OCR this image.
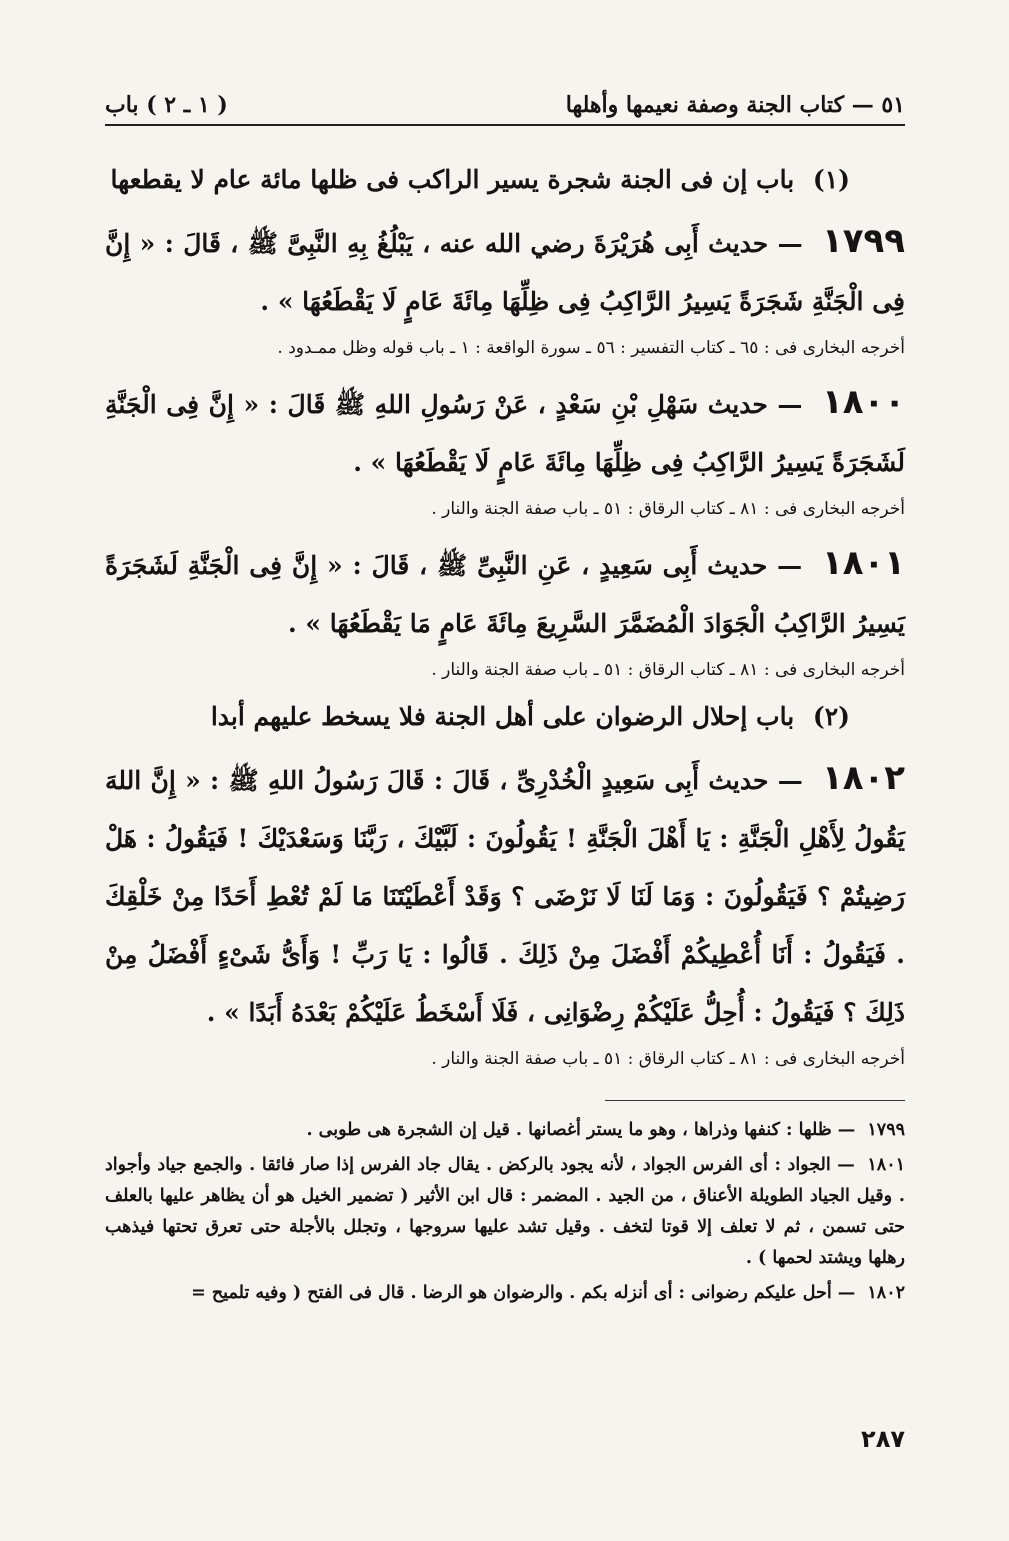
٥١ — كتاب الجنة وصفة نعيمها وأهلها
( ١ ـ ٢ ) باب
(١) باب إن فى الجنة شجرة يسير الراكب فى ظلها مائة عام لا يقطعها

١٧٩٩ — حديث أَبِى هُرَيْرَةَ رضي الله عنه ، يَبْلُغُ بِهِ النَّبِىَّ ﷺ ، قَالَ : « إِنَّ فِى الْجَنَّةِ شَجَرَةً يَسِيرُ الرَّاكِبُ فِى ظِلِّهَا مِائَةَ عَامٍ لَا يَقْطَعُهَا » .

أخرجه البخارى فى : ٦٥ ـ كتاب التفسير : ٥٦ ـ سورة الواقعة : ١ ـ باب قوله وظل ممـدود .

١٨٠٠ — حديث سَهْلِ بْنِ سَعْدٍ ، عَنْ رَسُولِ اللهِ ﷺ قَالَ : « إِنَّ فِى الْجَنَّةِ لَشَجَرَةً يَسِيرُ الرَّاكِبُ فِى ظِلِّهَا مِائَةَ عَامٍ لَا يَقْطَعُهَا » .

أخرجه البخارى فى : ٨١ ـ كتاب الرقاق : ٥١ ـ باب صفة الجنة والنار .

١٨٠١ — حديث أَبِى سَعِيدٍ ، عَنِ النَّبِىِّ ﷺ ، قَالَ : « إِنَّ فِى الْجَنَّةِ لَشَجَرَةً يَسِيرُ الرَّاكِبُ الْجَوَادَ الْمُضَمَّرَ السَّرِيعَ مِائَةَ عَامٍ مَا يَقْطَعُهَا » .

أخرجه البخارى فى : ٨١ ـ كتاب الرقاق : ٥١ ـ باب صفة الجنة والنار .
(٢) باب إحلال الرضوان على أهل الجنة فلا يسخط عليهم أبدا

١٨٠٢ — حديث أَبِى سَعِيدٍ الْخُدْرِىِّ ، قَالَ : قَالَ رَسُولُ اللهِ ﷺ : « إِنَّ اللهَ يَقُولُ لِأَهْلِ الْجَنَّةِ : يَا أَهْلَ الْجَنَّةِ ! يَقُولُونَ : لَبَّيْكَ ، رَبَّنَا وَسَعْدَيْكَ ! فَيَقُولُ : هَلْ رَضِيتُمْ ؟ فَيَقُولُونَ : وَمَا لَنَا لَا نَرْضَى ؟ وَقَدْ أَعْطَيْتَنَا مَا لَمْ تُعْطِ أَحَدًا مِنْ خَلْقِكَ . فَيَقُولُ : أَنَا أُعْطِيكُمْ أَفْضَلَ مِنْ ذَلِكَ . قَالُوا : يَا رَبِّ ! وَأَىُّ شَىْءٍ أَفْضَلُ مِنْ ذَلِكَ ؟ فَيَقُولُ : أُحِلُّ عَلَيْكُمْ رِضْوَانِى ، فَلَا أَسْخَطُ عَلَيْكُمْ بَعْدَهُ أَبَدًا » .

أخرجه البخارى فى : ٨١ ـ كتاب الرقاق : ٥١ ـ باب صفة الجنة والنار .

١٧٩٩ — ظلها : كنفها وذراها ، وهو ما يستر أغصانها . قيل إن الشجرة هى طوبى .

١٨٠١ — الجواد : أى الفرس الجواد ، لأنه يجود بالركض . يقال جاد الفرس إذا صار فائقا . والجمع جياد وأجواد . وقيل الجياد الطويلة الأعناق ، من الجيد . المضمر : قال ابن الأثير ( تضمير الخيل هو أن يظاهر عليها بالعلف حتى تسمن ، ثم لا تعلف إلا قوتا لتخف . وقيل تشد عليها سروجها ، وتجلل بالأجلة حتى تعرق تحتها فيذهب رهلها ويشتد لحمها ) .

١٨٠٢ — أحل عليكم رضوانى : أى أنزله بكم . والرضوان هو الرضا . قال فى الفتح ( وفيه تلميح =

٢٨٧
